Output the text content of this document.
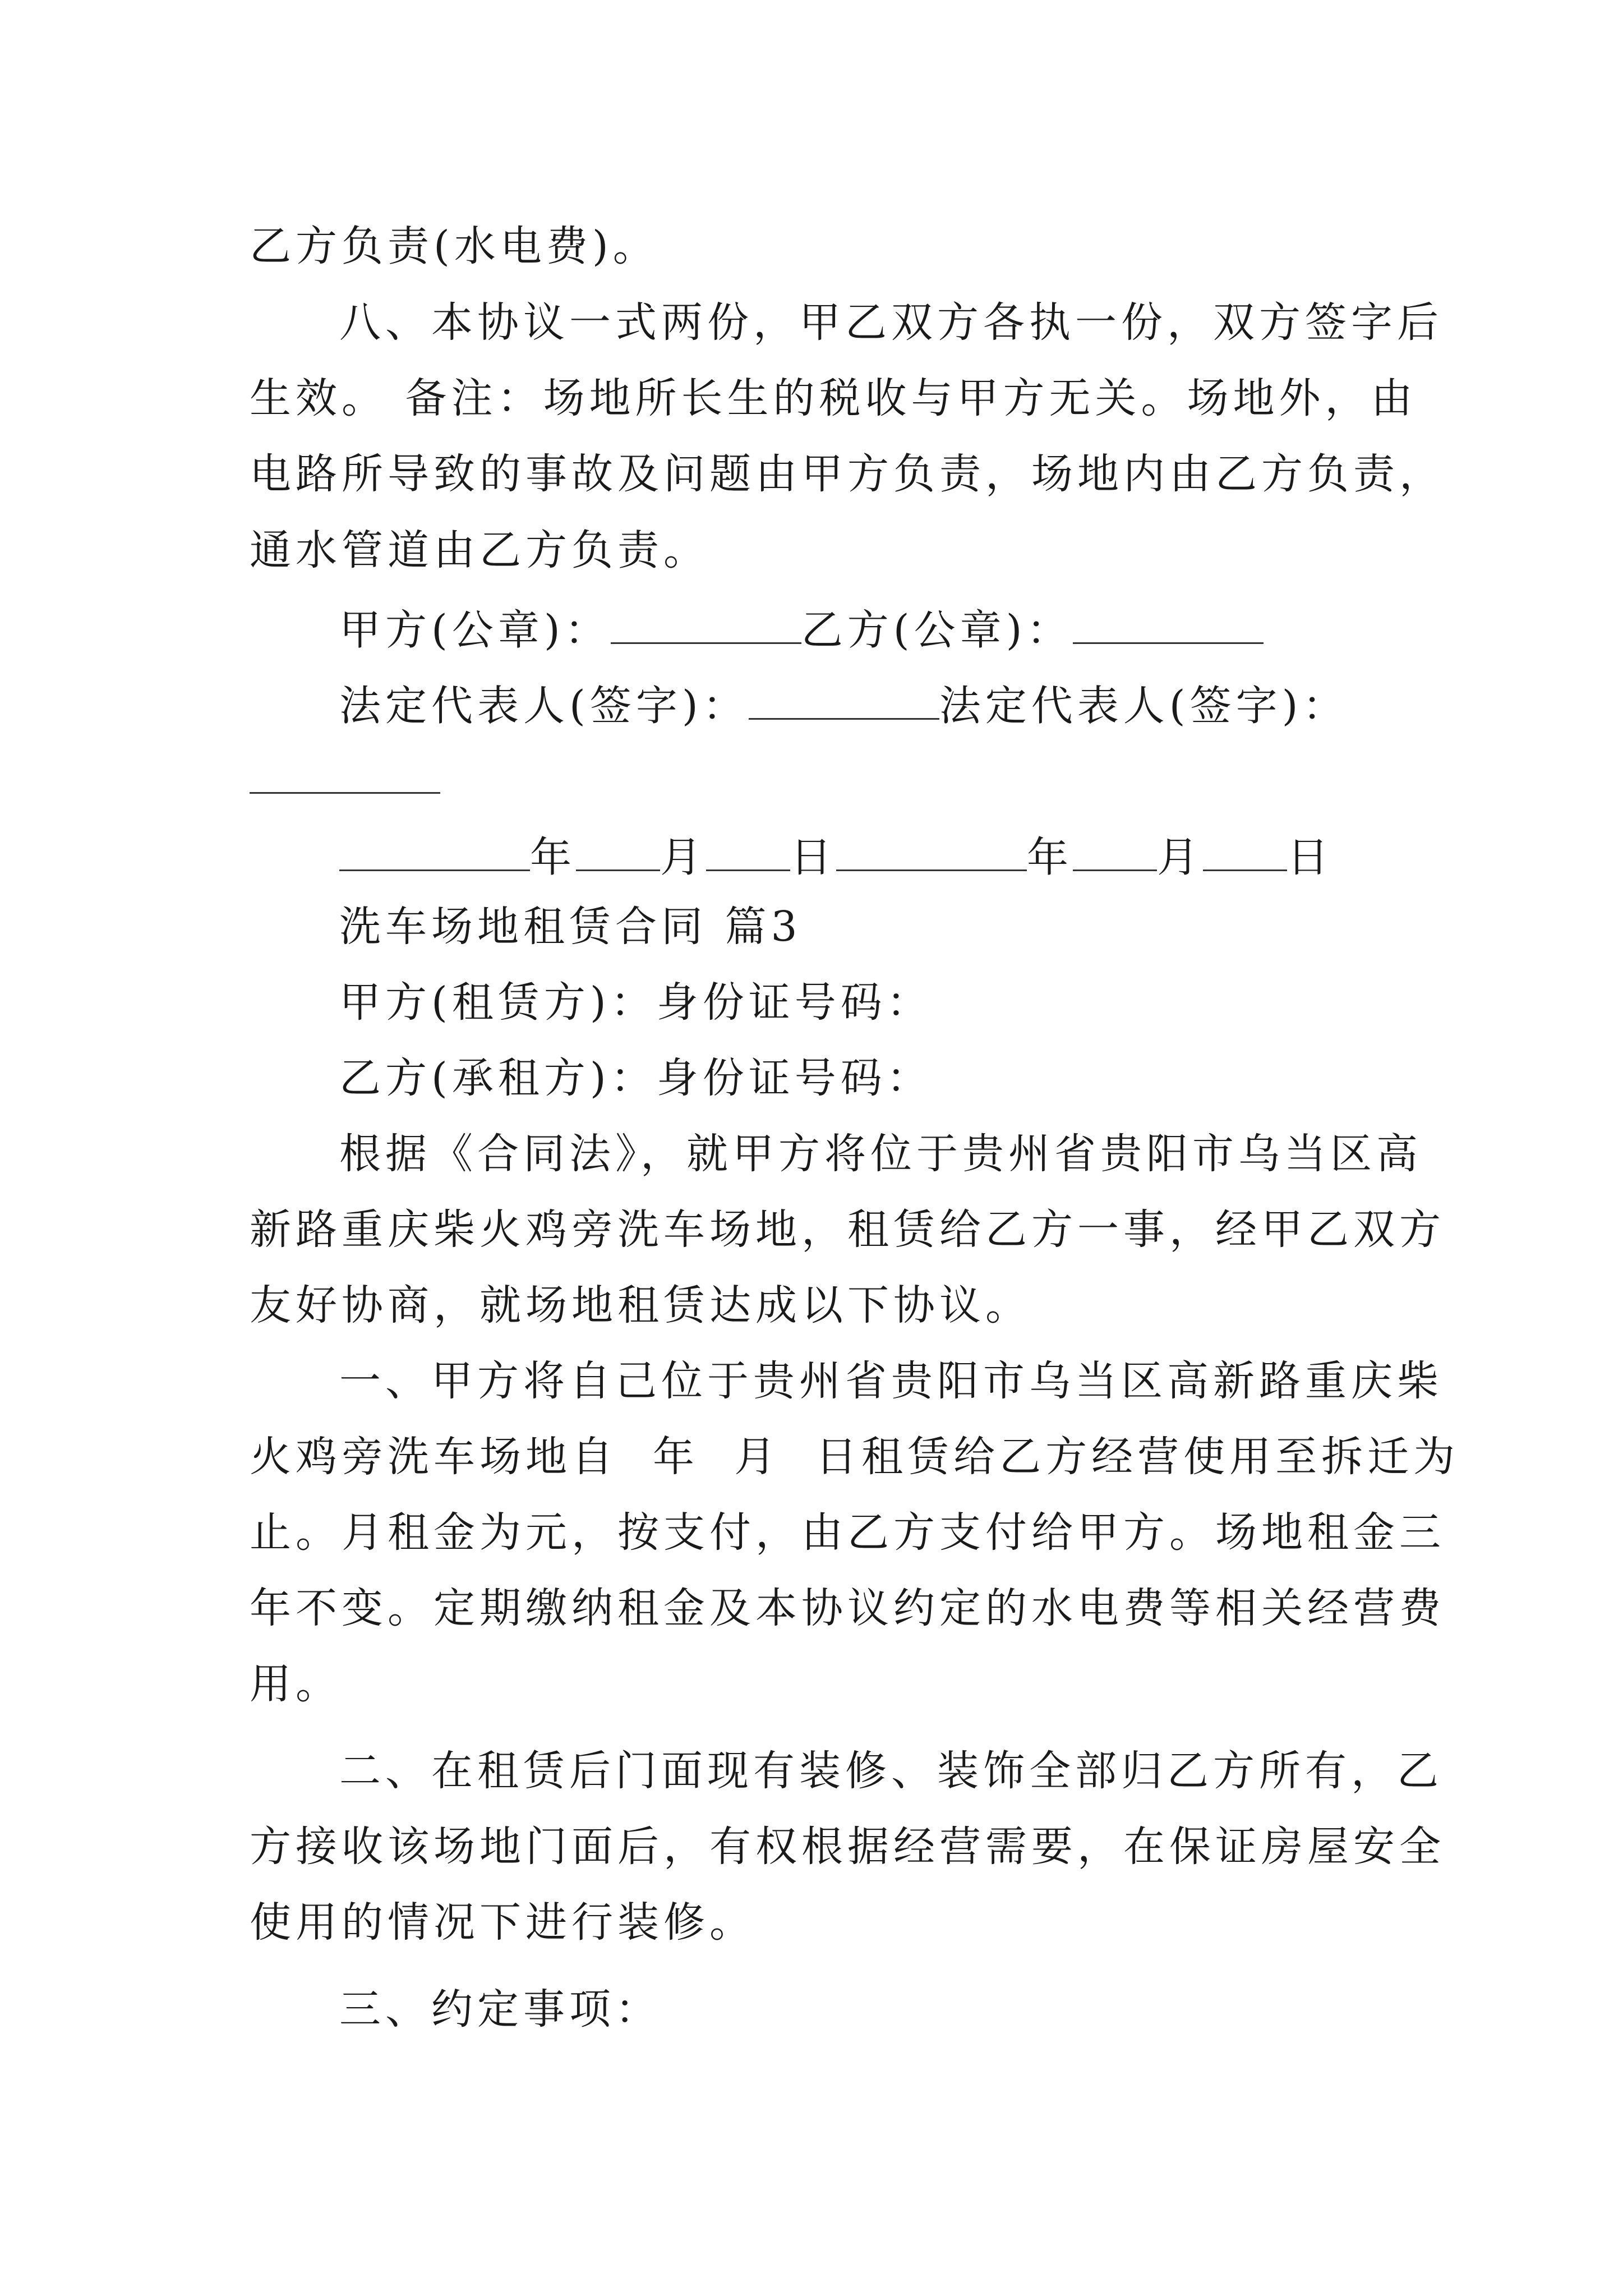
乙方负责(水电费)。
八、本协议一式两份，甲乙双方各执一份，双方签字后
生效。 备注：场地所长生的税收与甲方无关。场地外，由
电路所导致的事故及问题由甲方负责，场地内由乙方负责，
通水管道由乙方负责。
甲方(公章)：	乙方(公章)：
法定代表人(签字)：	法定代表人(签字)：
年 月 日	年 月 日
洗车场地租赁合同 篇3
甲方(租赁方)：身份证号码：
乙方(承租方)：身份证号码：
根据《合同法》，就甲方将位于贵州省贵阳市乌当区高
新路重庆柴火鸡旁洗车场地，租赁给乙方一事，经甲乙双方
友好协商，就场地租赁达成以下协议。
一、甲方将自己位于贵州省贵阳市乌当区高新路重庆柴
火鸡旁洗车场地自  年  月  日租赁给乙方经营使用至拆迁为
止。月租金为元，按支付，由乙方支付给甲方。场地租金三
年不变。定期缴纳租金及本协议约定的水电费等相关经营费
用。
二、在租赁后门面现有装修、装饰全部归乙方所有，乙
方接收该场地门面后，有权根据经营需要，在保证房屋安全
使用的情况下进行装修。
三、约定事项：
